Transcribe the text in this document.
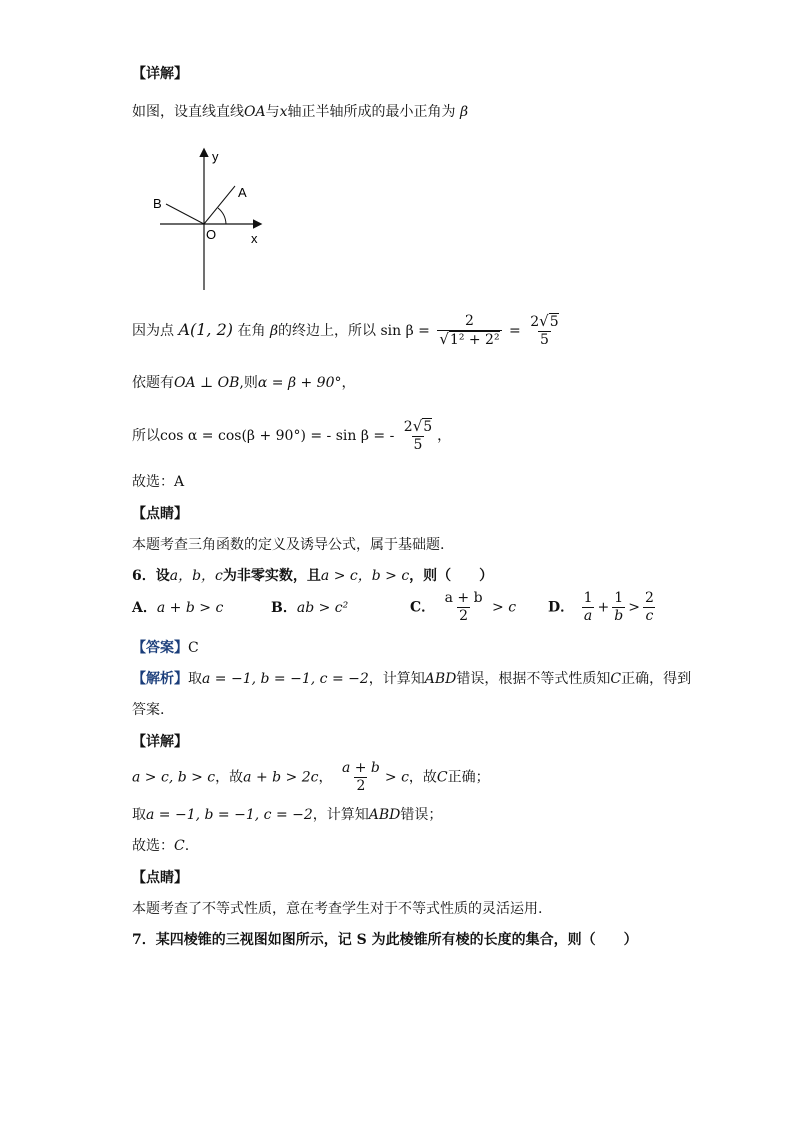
【详解】
如图，设直线直线OA与x轴正半轴所成的最小正角为 β
y
x
O
A
B
因为点 A(1, 2) 在角 β的终边上，所以 $\sin \beta = \frac{2}{\text{√1² + 2²}} = \frac{2√5}{5}$
依题有OA ⊥ OB,则α = β + 90°，
所以cos α = cos(β + 90°) = - sin β = - $\frac{2√5}{5}$ ，
故选：A
【点睛】
本题考查三角函数的定义及诱导公式，属于基础题.
6．设a，b，c为非零实数，且a > c，b > c，则（　　）
A．a + b > c	B．ab > c²	C． $\frac{a + b}{2} > c$ D． $\frac{1}{a} + \frac{1}{b} > \frac{2}{c}$
【答案】C
【解析】取a = −1, b = −1, c = −2，计算知ABD错误，根据不等式性质知C正确，得到
答案.
【详解】
a > c, b > c，故a + b > 2c， $\frac{a + b}{2} > c$，故C正确；
取a = −1, b = −1, c = −2，计算知ABD错误；
故选：C.
【点睛】
本题考查了不等式性质，意在考查学生对于不等式性质的灵活运用.
7．某四棱锥的三视图如图所示，记 S 为此棱锥所有棱的长度的集合，则（　　）
